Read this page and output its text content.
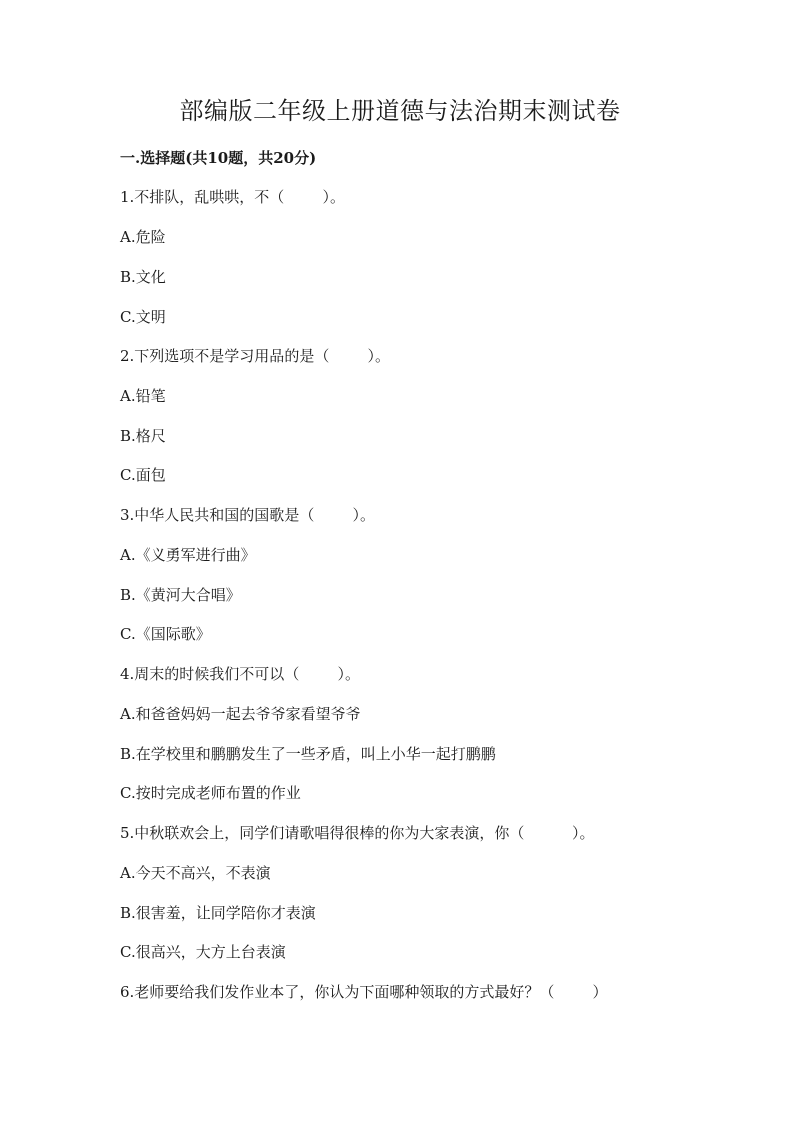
部编版二年级上册道德与法治期末测试卷
一.选择题(共10题，共20分)
1.不排队，乱哄哄，不（        ）。
A.危险
B.文化
C.文明
2.下列选项不是学习用品的是（        ）。
A.铅笔
B.格尺
C.面包
3.中华人民共和国的国歌是（        ）。
A.《义勇军进行曲》
B.《黄河大合唱》
C.《国际歌》
4.周末的时候我们不可以（        ）。
A.和爸爸妈妈一起去爷爷家看望爷爷
B.在学校里和鹏鹏发生了一些矛盾，叫上小华一起打鹏鹏
C.按时完成老师布置的作业
5.中秋联欢会上，同学们请歌唱得很棒的你为大家表演，你（          ）。
A.今天不高兴，不表演
B.很害羞，让同学陪你才表演
C.很高兴，大方上台表演
6.老师要给我们发作业本了，你认为下面哪种领取的方式最好？（        ）
